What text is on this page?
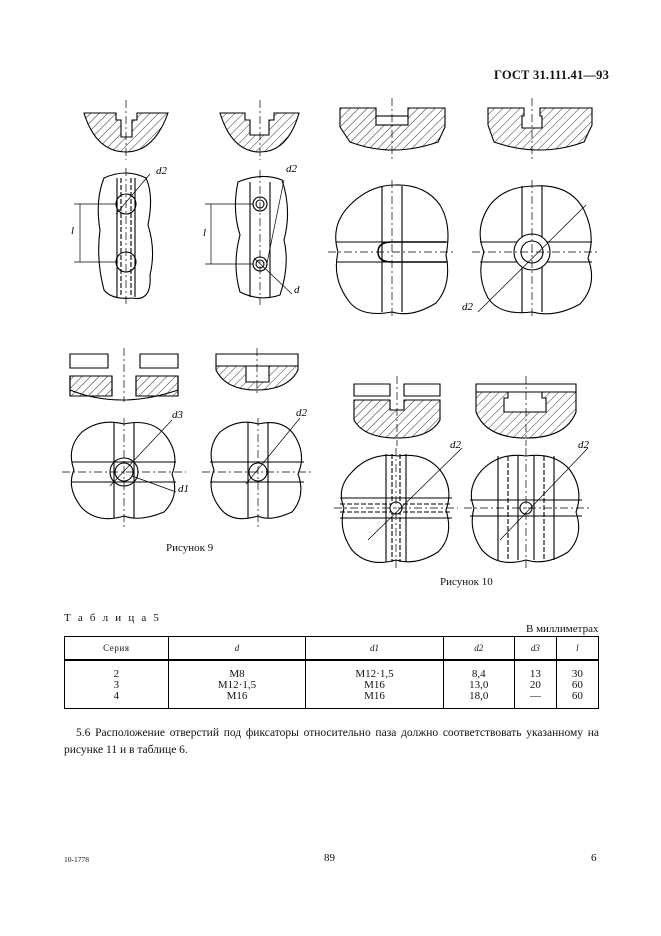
ГОСТ 31.111.41—93
d2
l
d2
l
d
d2
d3
d1
d2
d2	d2
Рисунок 9
Рисунок 10
Т а б л и ц а 5
В миллиметрах
Серия	d	d1	d2	d3	l
2	M8	M12·1,5	8,4	13	30
3	M12·1,5	M16	13,0	20	60
4	M16	M16	18,0	—	60
5.6 Расположение отверстий под фиксаторы относительно паза должно соответствовать указанному на рисунке 11 и в таблице 6.
10-1778	89	6
